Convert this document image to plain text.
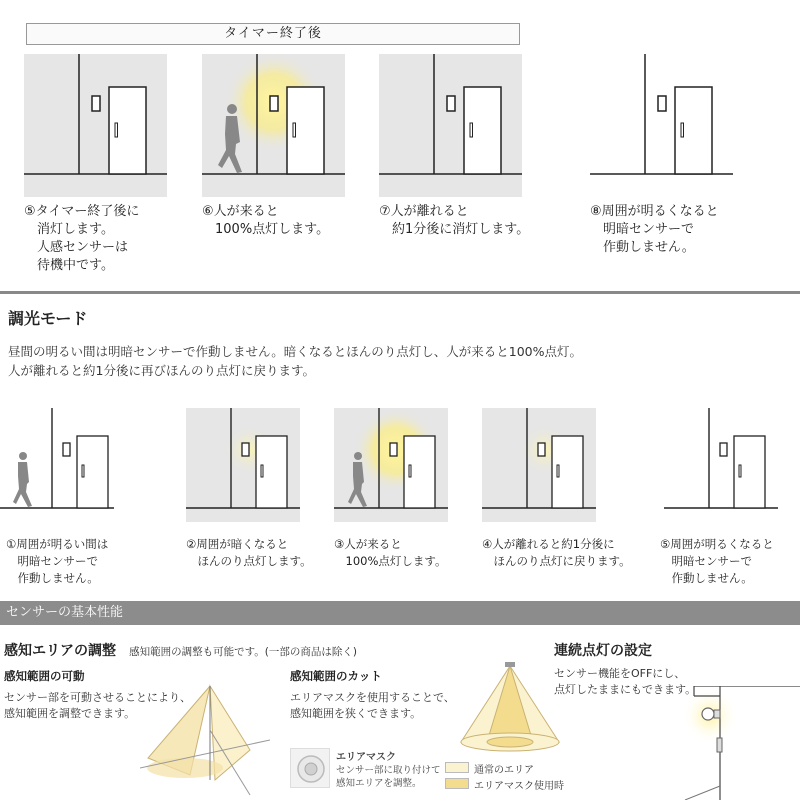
タイマー終了後
⑤タイマー終了後に
　消灯します。
　人感センサーは
　待機中です。
⑥人が来ると
　100%点灯します。
⑦人が離れると
　約1分後に消灯します。
⑧周囲が明るくなると
　明暗センサーで
　作動しません。
調光モード
昼間の明るい間は明暗センサーで作動しません。暗くなるとほんのり点灯し、人が来ると100%点灯。
人が離れると約1分後に再びほんのり点灯に戻ります。
①周囲が明るい間は
　明暗センサーで
　作動しません。
②周囲が暗くなると
　ほんのり点灯します。
③人が来ると
　100%点灯します。
④人が離れると約1分後に
　ほんのり点灯に戻ります。
⑤周囲が明るくなると
　明暗センサーで
　作動しません。
センサーの基本性能
感知エリアの調整 感知範囲の調整も可能です。(一部の商品は除く)
感知範囲の可動
センサー部を可動させることにより、
感知範囲を調整できます。
感知範囲のカット
エリアマスクを使用することで、
感知範囲を狭くできます。
エリアマスク
センサー部に取り付けて
感知エリアを調整。
通常のエリア
エリアマスク使用時
連続点灯の設定
センサー機能をOFFにし、
点灯したままにもできます。
